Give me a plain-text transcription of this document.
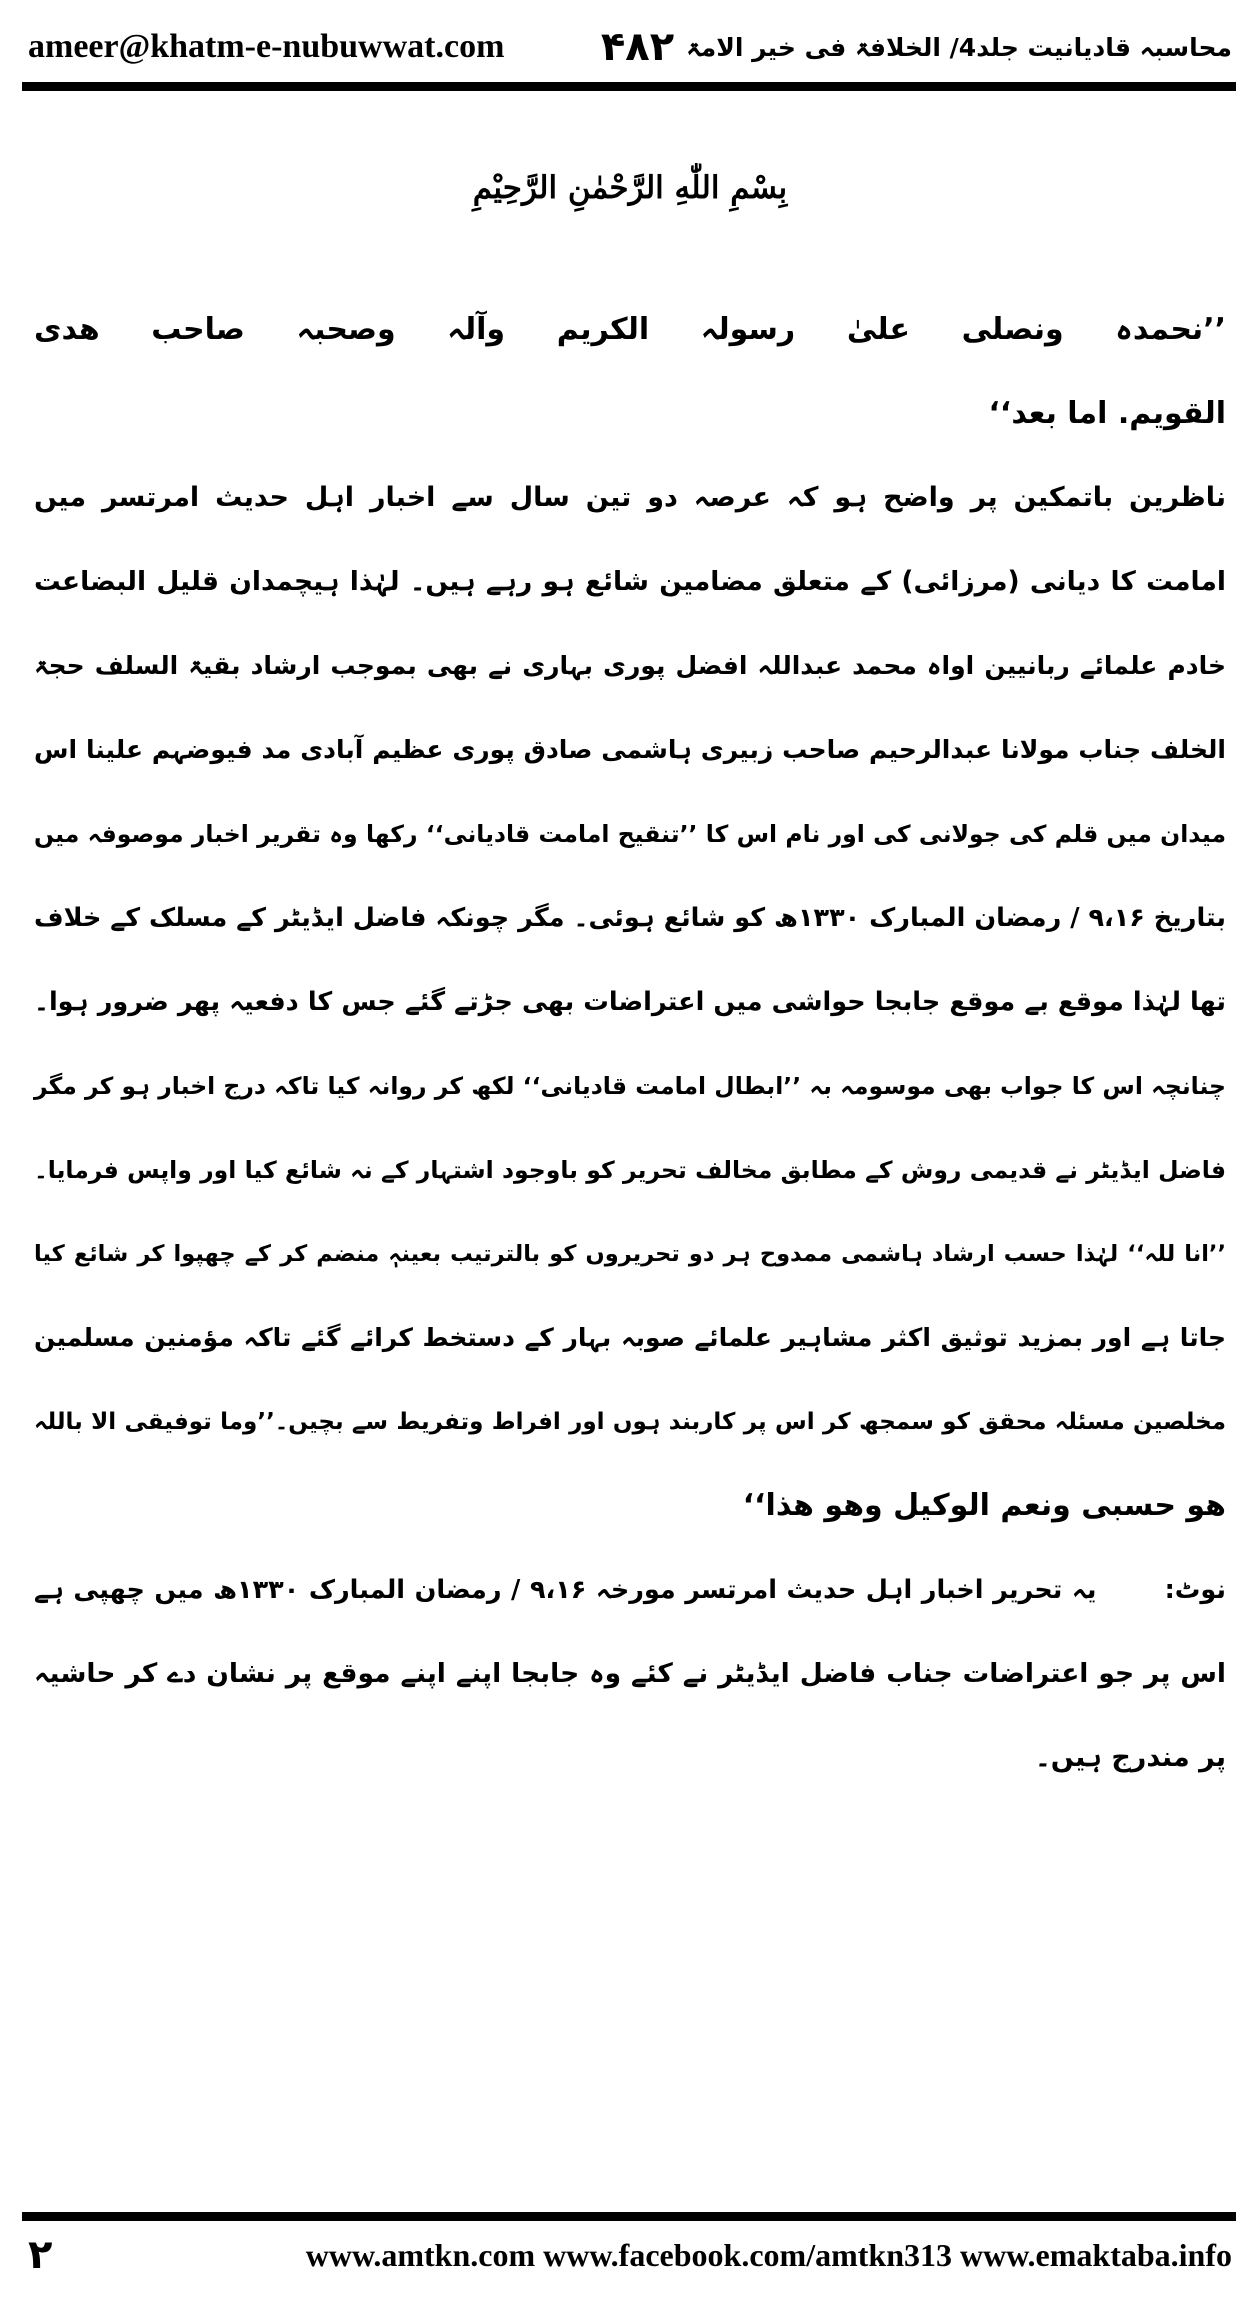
ameer@khatm-e-nubuwwat.com	محاسبہ قادیانیت جلد4/ الخلافۃ فی خیر الامۃ
۴۸۲
بِسْمِ اللّٰهِ الرَّحْمٰنِ الرَّحِيْمِ
’’نحمدہ ونصلی علیٰ رسولہ الکریم وآلہ وصحبہ صاحب ھدی
القویم. اما بعد‘‘
ناظرین باتمکین پر واضح ہو کہ عرصہ دو تین سال سے اخبار اہل حدیث امرتسر میں
امامت کا دیانی (مرزائی) کے متعلق مضامین شائع ہو رہے ہیں۔ لہٰذا ہیچمدان قلیل البضاعت
خادم علمائے ربانیین اواہ محمد عبداللہ افضل پوری بہاری نے بھی بموجب ارشاد بقیۃ السلف حجۃ
الخلف جناب مولانا عبدالرحیم صاحب زبیری ہاشمی صادق پوری عظیم آبادی مد فیوضہم علینا اس
میدان میں قلم کی جولانی کی اور نام اس کا ’’تنقیح امامت قادیانی‘‘ رکھا وہ تقریر اخبار موصوفہ میں
بتاریخ ۹،۱۶ / رمضان المبارک ۱۳۳۰ھ کو شائع ہوئی۔ مگر چونکہ فاضل ایڈیٹر کے مسلک کے خلاف
تھا لہٰذا موقع بے موقع جابجا حواشی میں اعتراضات بھی جڑتے گئے جس کا دفعیہ پھر ضرور ہوا۔
چنانچہ اس کا جواب بھی موسومہ بہ ’’ابطال امامت قادیانی‘‘ لکھ کر روانہ کیا تاکہ درج اخبار ہو کر مگر
فاضل ایڈیٹر نے قدیمی روش کے مطابق مخالف تحریر کو باوجود اشتہار کے نہ شائع کیا اور واپس فرمایا۔
’’انا للہ‘‘ لہٰذا حسب ارشاد ہاشمی ممدوح ہر دو تحریروں کو بالترتیب بعینہٖ منضم کر کے چھپوا کر شائع کیا
جاتا ہے اور بمزید توثیق اکثر مشاہیر علمائے صوبہ بہار کے دستخط کرائے گئے تاکہ مؤمنین مسلمین
مخلصین مسئلہ محقق کو سمجھ کر اس پر کاربند ہوں اور افراط وتفریط سے بچیں۔’’وما توفیقی الا باللہ
ھو حسبی ونعم الوکیل وھو ھذا‘‘
نوٹ: یہ تحریر اخبار اہل حدیث امرتسر مورخہ ۹،۱۶ / رمضان المبارک ۱۳۳۰ھ میں چھپی ہے
اس پر جو اعتراضات جناب فاضل ایڈیٹر نے کئے وہ جابجا اپنے اپنے موقع پر نشان دے کر حاشیہ
پر مندرج ہیں۔
۲	www.amtkn.com www.facebook.com/amtkn313 www.emaktaba.info
